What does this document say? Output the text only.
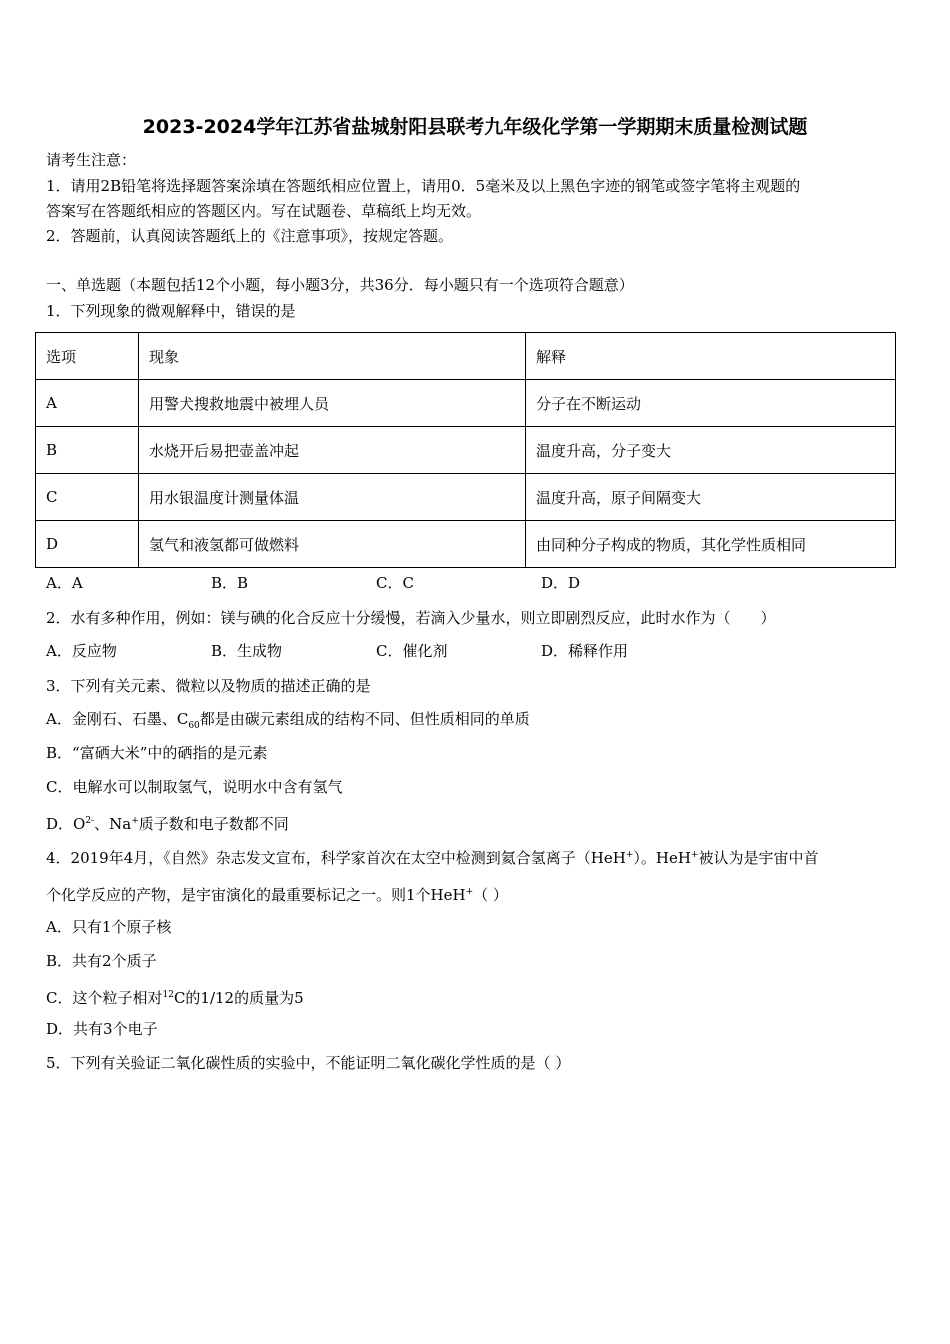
2023-2024学年江苏省盐城射阳县联考九年级化学第一学期期末质量检测试题
请考生注意：
1．请用2B铅笔将选择题答案涂填在答题纸相应位置上，请用0．5毫米及以上黑色字迹的钢笔或签字笔将主观题的
答案写在答题纸相应的答题区内。写在试题卷、草稿纸上均无效。
2．答题前，认真阅读答题纸上的《注意事项》，按规定答题。
一、单选题（本题包括12个小题，每小题3分，共36分．每小题只有一个选项符合题意）
1．下列现象的微观解释中，错误的是
选项	现象	解释
A	用警犬搜救地震中被埋人员	分子在不断运动
B	水烧开后易把壶盖冲起	温度升高，分子变大
C	用水银温度计测量体温	温度升高，原子间隔变大
D	氢气和液氢都可做燃料	由同种分子构成的物质，其化学性质相同
A．A	B．B	C．C	D．D
2．水有多种作用，例如：镁与碘的化合反应十分缓慢，若滴入少量水，则立即剧烈反应，此时水作为（　　）
A．反应物	B．生成物	C．催化剂	D．稀释作用
3．下列有关元素、微粒以及物质的描述正确的是
A．金刚石、石墨、$C_{60}$都是由碳元素组成的结构不同、但性质相同的单质
B．“富硒大米”中的硒指的是元素
C．电解水可以制取氢气，说明水中含有氢气
D．$O^{2-}$、Na+质子数和电子数都不同
4．2019年4月，《自然》杂志发文宣布，科学家首次在太空中检测到氦合氢离子（HeH+）。HeH+被认为是宇宙中首
个化学反应的产物，是宇宙演化的最重要标记之一。则1个HeH+（ ）
A．只有1个原子核
B．共有2个质子
C．这个粒子相对$^{12}$C的1/12的质量为5
D．共有3个电子
5．下列有关验证二氧化碳性质的实验中，不能证明二氧化碳化学性质的是（ ）
